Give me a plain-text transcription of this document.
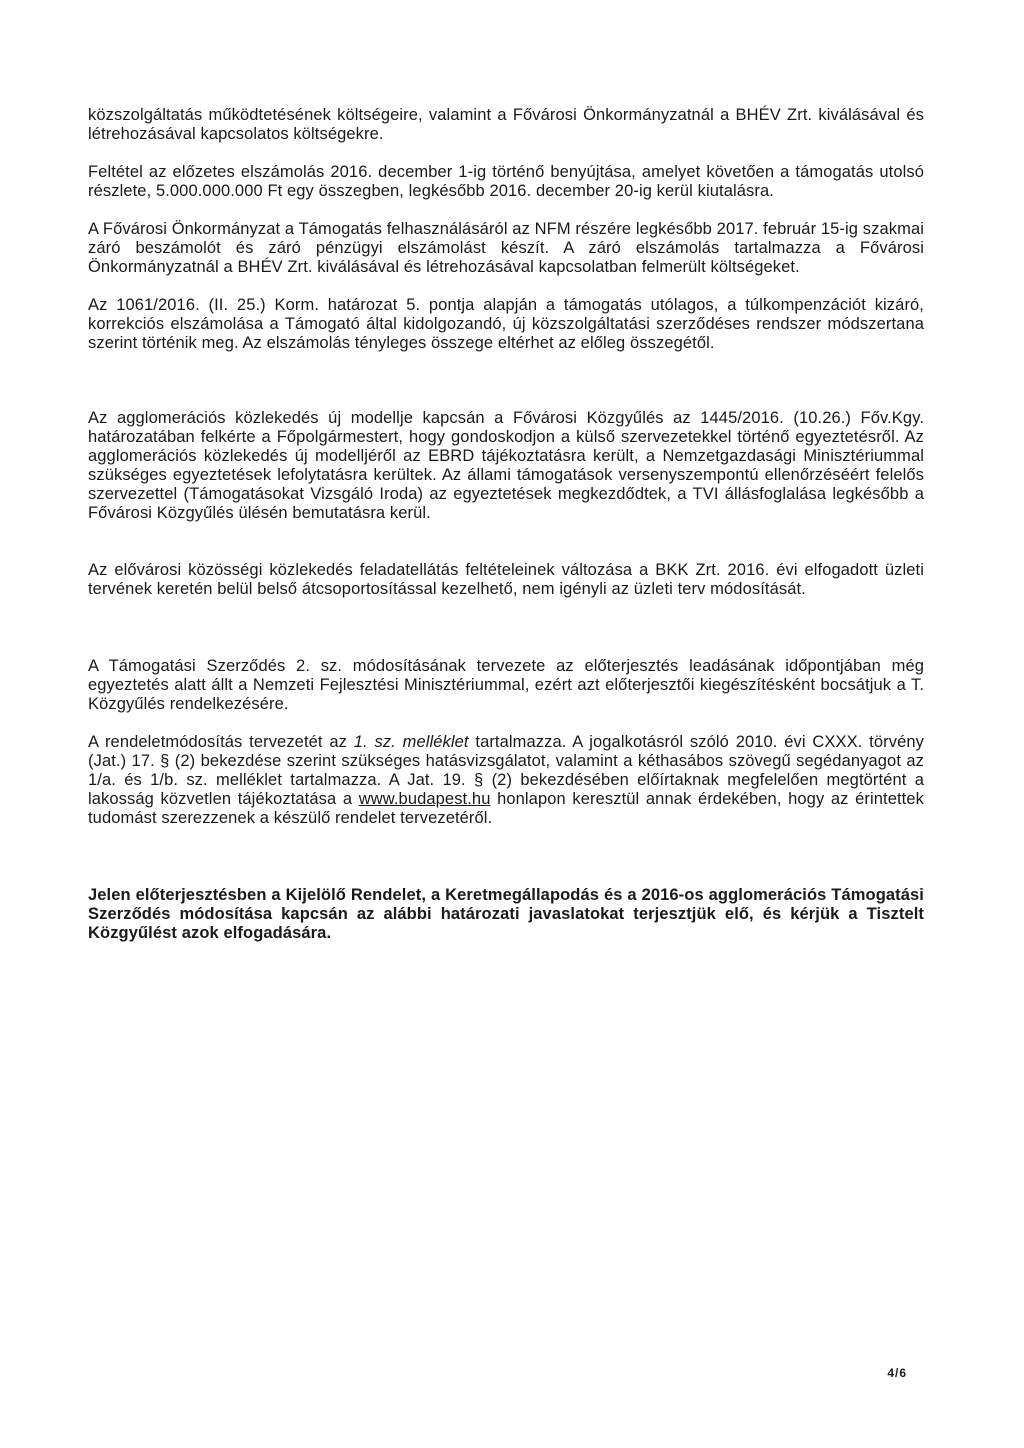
közszolgáltatás működtetésének költségeire, valamint a Fővárosi Önkormányzatnál a BHÉV Zrt. kiválásával és létrehozásával kapcsolatos költségekre.

Feltétel az előzetes elszámolás 2016. december 1-ig történő benyújtása, amelyet követően a támogatás utolsó részlete, 5.000.000.000 Ft egy összegben, legkésőbb 2016. december 20-ig kerül kiutalásra.

A Fővárosi Önkormányzat a Támogatás felhasználásáról az NFM részére legkésőbb 2017. február 15-ig szakmai záró beszámolót és záró pénzügyi elszámolást készít. A záró elszámolás tartalmazza a Fővárosi Önkormányzatnál a BHÉV Zrt. kiválásával és létrehozásával kapcsolatban felmerült költségeket.

Az 1061/2016. (II. 25.) Korm. határozat 5. pontja alapján a támogatás utólagos, a túlkompenzációt kizáró, korrekciós elszámolása a Támogató által kidolgozandó, új közszolgáltatási szerződéses rendszer módszertana szerint történik meg. Az elszámolás tényleges összege eltérhet az előleg összegétől.

Az agglomerációs közlekedés új modellje kapcsán a Fővárosi Közgyűlés az 1445/2016. (10.26.) Főv.Kgy. határozatában felkérte a Főpolgármestert, hogy gondoskodjon a külső szervezetekkel történő egyeztetésről. Az agglomerációs közlekedés új modelljéről az EBRD tájékoztatásra került, a Nemzetgazdasági Minisztériummal szükséges egyeztetések lefolytatásra kerültek. Az állami támogatások versenyszempontú ellenőrzéséért felelős szervezettel (Támogatásokat Vizsgáló Iroda) az egyeztetések megkezdődtek, a TVI állásfoglalása legkésőbb a Fővárosi Közgyűlés ülésén bemutatásra kerül.

Az elővárosi közösségi közlekedés feladatellátás feltételeinek változása a BKK Zrt. 2016. évi elfogadott üzleti tervének keretén belül belső átcsoportosítással kezelhető, nem igényli az üzleti terv módosítását.

A Támogatási Szerződés 2. sz. módosításának tervezete az előterjesztés leadásának időpontjában még egyeztetés alatt állt a Nemzeti Fejlesztési Minisztériummal, ezért azt előterjesztői kiegészítésként bocsátjuk a T. Közgyűlés rendelkezésére.

A rendeletmódosítás tervezetét az 1. sz. melléklet tartalmazza. A jogalkotásról szóló 2010. évi CXXX. törvény (Jat.) 17. § (2) bekezdése szerint szükséges hatásvizsgálatot, valamint a kéthasábos szövegű segédanyagot az 1/a. és 1/b. sz. melléklet tartalmazza. A Jat. 19. § (2) bekezdésében előírtaknak megfelelően megtörtént a lakosság közvetlen tájékoztatása a www.budapest.hu honlapon keresztül annak érdekében, hogy az érintettek tudomást szerezzenek a készülő rendelet tervezetéről.

Jelen előterjesztésben a Kijelölő Rendelet, a Keretmegállapodás és a 2016-os agglomerációs Támogatási Szerződés módosítása kapcsán az alábbi határozati javaslatokat terjesztjük elő, és kérjük a Tisztelt Közgyűlést azok elfogadására.

4/6
